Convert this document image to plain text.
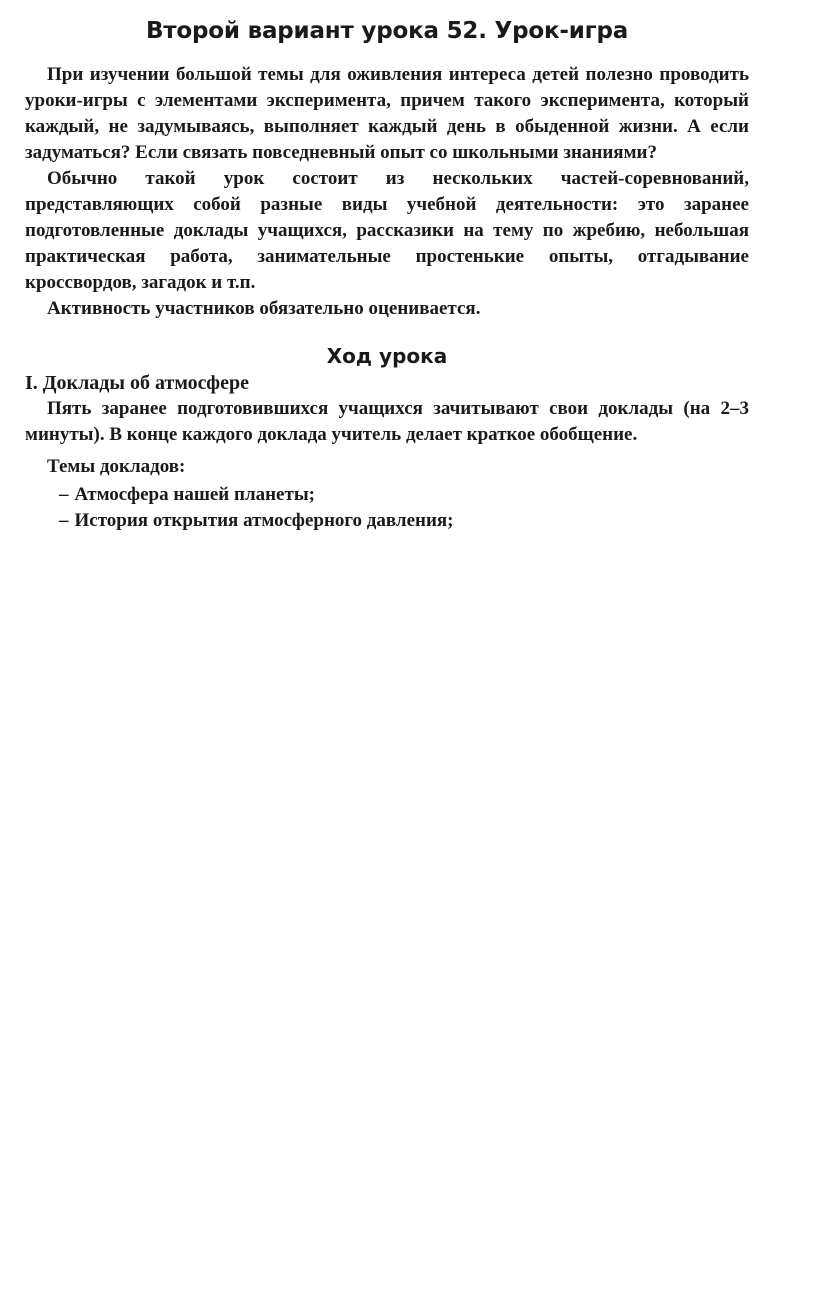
Второй вариант урока 52. Урок-игра

При изучении большой темы для оживления интереса детей полезно проводить уроки-игры с элементами эксперимента, причем такого эксперимента, который каждый, не задумываясь, выполняет каждый день в обыденной жизни. А если задуматься? Если связать повседневный опыт со школьными знаниями?

Обычно такой урок состоит из нескольких частей-соревнований, представляющих собой разные виды учебной деятельности: это заранее подготовленные доклады учащихся, рассказики на тему по жребию, небольшая практическая работа, занимательные простенькие опыты, отгадывание кроссвордов, загадок и т.п.

Активность участников обязательно оценивается.

Ход урока
I. Доклады об атмосфере

Пять заранее подготовившихся учащихся зачитывают свои доклады (на 2–3 минуты). В конце каждого доклада учитель делает краткое обобщение.

Темы докладов:
– Атмосфера нашей планеты;
– История открытия атмосферного давления;
